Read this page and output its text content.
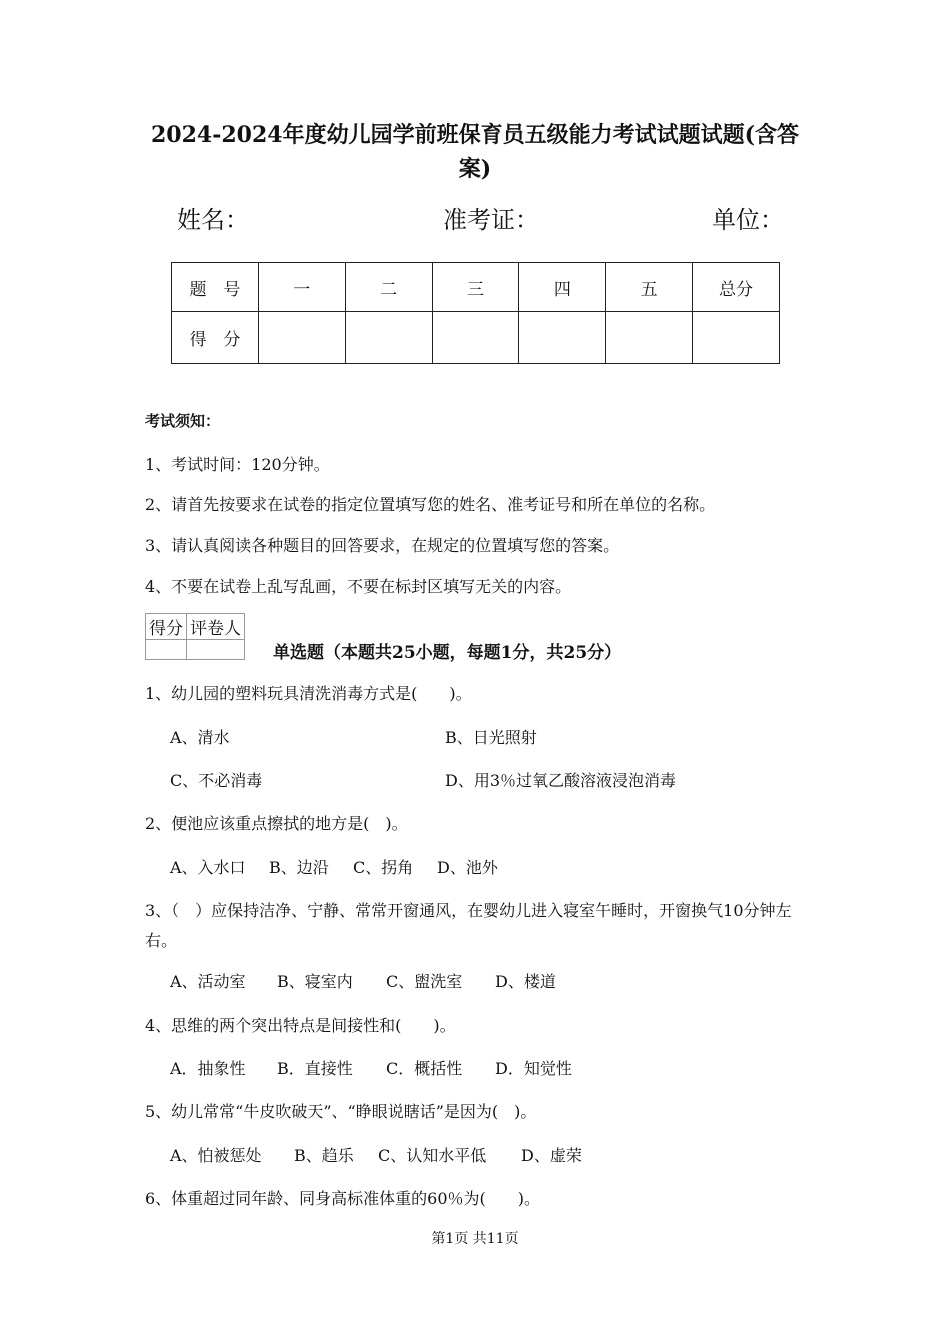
2024-2024年度幼儿园学前班保育员五级能力考试试题试题(含答案)
姓名：	准考证：	单位：
题　号	一	二	三	四	五	总分
得　分						
考试须知：
1、考试时间：120分钟。
2、请首先按要求在试卷的指定位置填写您的姓名、准考证号和所在单位的名称。
3、请认真阅读各种题目的回答要求，在规定的位置填写您的答案。
4、不要在试卷上乱写乱画，不要在标封区填写无关的内容。
得分	评卷人

单选题（本题共25小题，每题1分，共25分）
1、幼儿园的塑料玩具清洗消毒方式是(　　)。
A、清水	B、日光照射
C、不必消毒	D、用3％过氧乙酸溶液浸泡消毒
2、便池应该重点擦拭的地方是(　)。
A、入水口 B、边沿 C、拐角 D、池外
3、（　）应保持洁净、宁静、常常开窗通风，在婴幼儿进入寝室午睡时，开窗换气10分钟左右。
A、活动室 B、寝室内 C、盥洗室 D、楼道
4、思维的两个突出特点是间接性和(　　)。
A．抽象性 B．直接性 C．概括性 D．知觉性
5、幼儿常常“牛皮吹破天”、“睁眼说瞎话”是因为(　)。
A、怕被惩处 B、趋乐 C、认知水平低 D、虚荣
6、体重超过同年龄、同身高标准体重的60％为(　　)。
第1页 共11页
